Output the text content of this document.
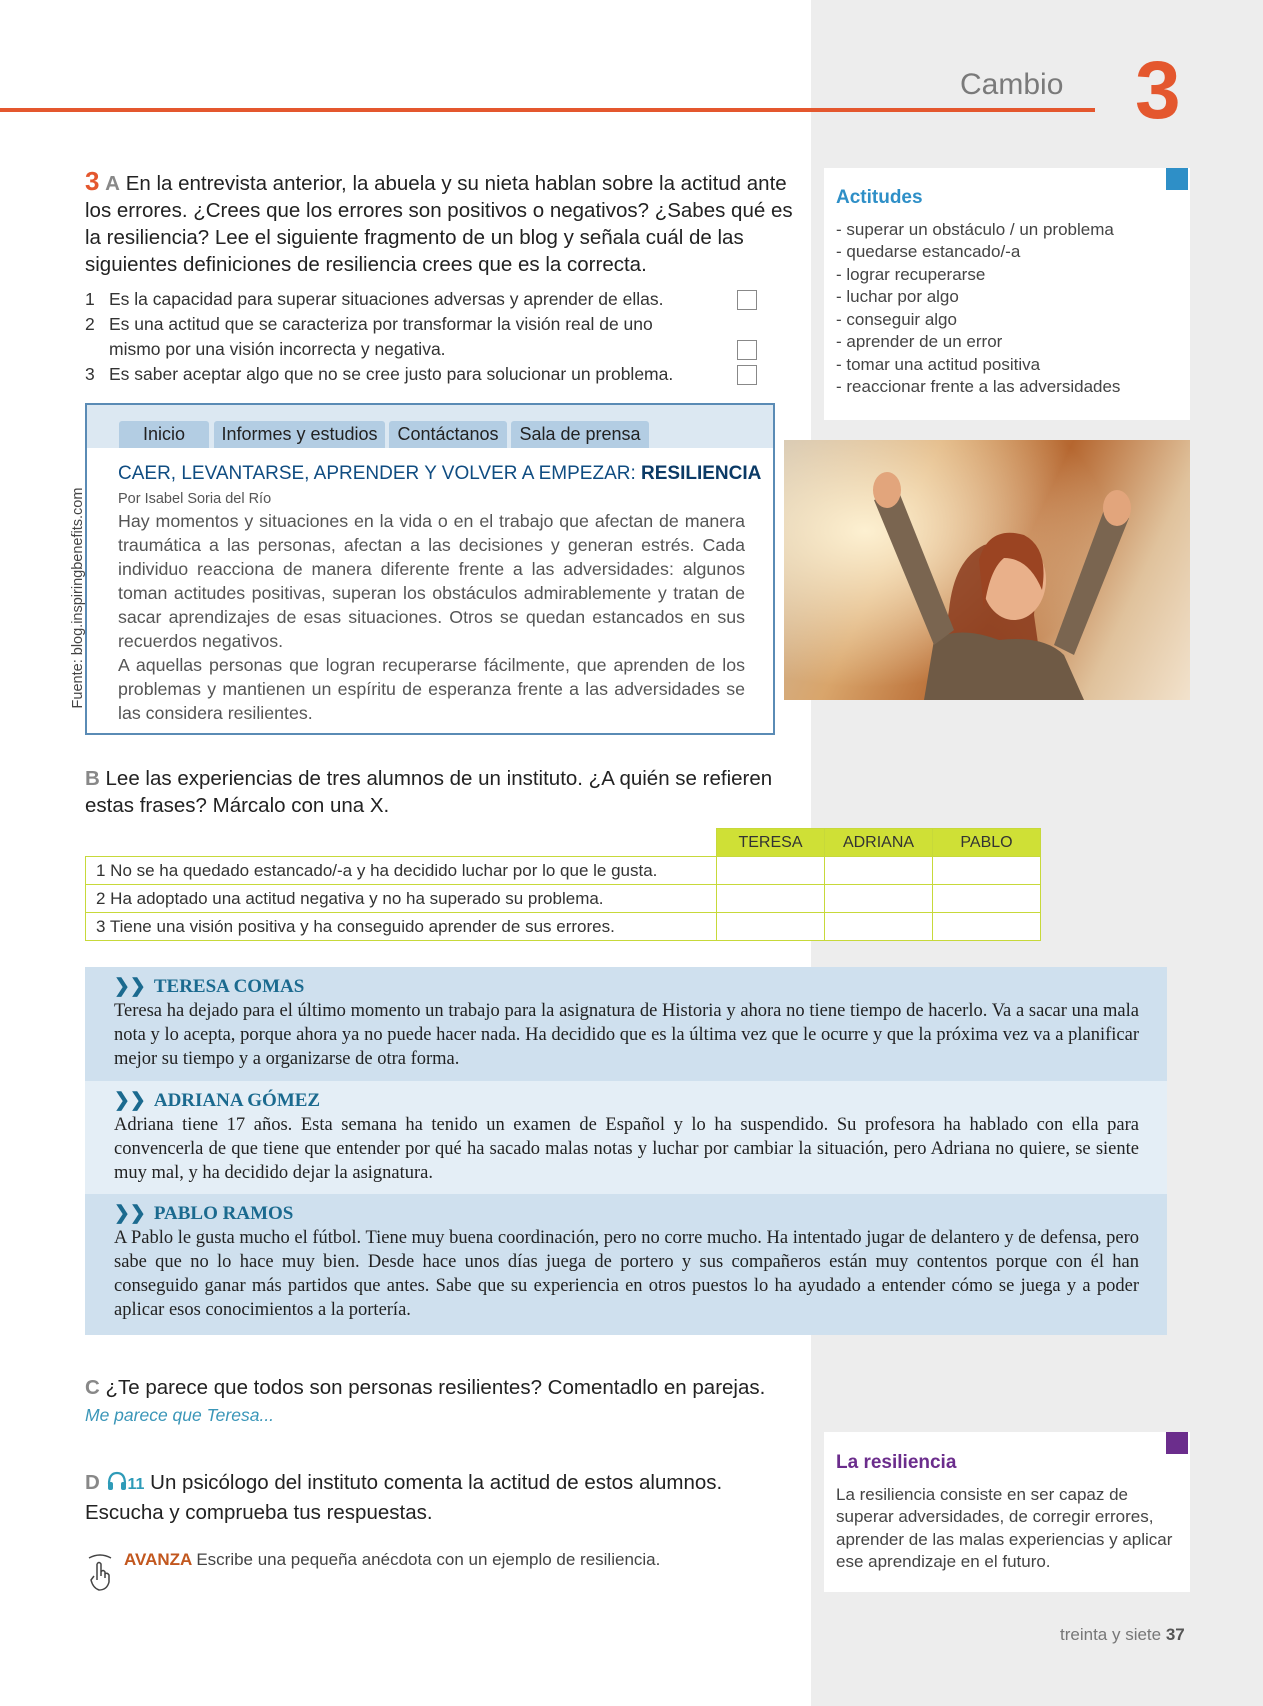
Cambio 3
3 A En la entrevista anterior, la abuela y su nieta hablan sobre la actitud ante los errores. ¿Crees que los errores son positivos o negativos? ¿Sabes qué es la resiliencia? Lee el siguiente fragmento de un blog y señala cuál de las siguientes definiciones de resiliencia crees que es la correcta.
1 Es la capacidad para superar situaciones adversas y aprender de ellas.
2 Es una actitud que se caracteriza por transformar la visión real de uno
mismo por una visión incorrecta y negativa.
3 Es saber aceptar algo que no se cree justo para solucionar un problema.
Inicio	Informes y estudios	Contáctanos	Sala de prensa
CAER, LEVANTARSE, APRENDER Y VOLVER A EMPEZAR: RESILIENCIA
Por Isabel Soria del Río

Hay momentos y situaciones en la vida o en el trabajo que afectan de manera traumática a las personas, afectan a las decisiones y generan estrés. Cada individuo reacciona de manera diferente frente a las adversidades: algunos toman actitudes positivas, superan los obstáculos admirablemente y tratan de sacar aprendizajes de esas situaciones. Otros se quedan estancados en sus recuerdos negativos.

A aquellas personas que logran recuperarse fácilmente, que aprenden de los problemas y mantienen un espíritu de esperanza frente a las adversidades se las considera resilientes.

Fuente: blog.inspiringbenefits.com
Actitudes
- superar un obstáculo / un problema
- quedarse estancado/-a
- lograr recuperarse
- luchar por algo
- conseguir algo
- aprender de un error
- tomar una actitud positiva
- reaccionar frente a las adversidades
B Lee las experiencias de tres alumnos de un instituto. ¿A quién se refieren
estas frases? Márcalo con una X.
	TERESA	ADRIANA	PABLO
1 No se ha quedado estancado/-a y ha decidido luchar por lo que le gusta.			
2 Ha adoptado una actitud negativa y no ha superado su problema.			
3 Tiene una visión positiva y ha conseguido aprender de sus errores.			
❯❯ TERESA COMAS
Teresa ha dejado para el último momento un trabajo para la asignatura de Historia y ahora no tiene tiempo de hacerlo. Va a sacar una mala nota y lo acepta, porque ahora ya no puede hacer nada. Ha decidido que es la última vez que le ocurre y que la próxima vez va a planificar mejor su tiempo y a organizarse de otra forma.
❯❯ ADRIANA GÓMEZ
Adriana tiene 17 años. Esta semana ha tenido un examen de Español y lo ha suspendido. Su profesora ha hablado con ella para convencerla de que tiene que entender por qué ha sacado malas notas y luchar por cambiar la situación, pero Adriana no quiere, se siente muy mal, y ha decidido dejar la asignatura.
❯❯ PABLO RAMOS
A Pablo le gusta mucho el fútbol. Tiene muy buena coordinación, pero no corre mucho. Ha intentado jugar de delantero y de defensa, pero sabe que no lo hace muy bien. Desde hace unos días juega de portero y sus compañeros están muy contentos porque con él han conseguido ganar más partidos que antes. Sabe que su experiencia en otros puestos lo ha ayudado a entender cómo se juega y a poder aplicar esos conocimientos a la portería.
C ¿Te parece que todos son personas resilientes? Comentadlo en parejas.
Me parece que Teresa...
D 11 Un psicólogo del instituto comenta la actitud de estos alumnos.
Escucha y comprueba tus respuestas.
La resiliencia
La resiliencia consiste en ser capaz de
superar adversidades, de corregir errores,
aprender de las malas experiencias y aplicar
ese aprendizaje en el futuro.
AVANZA Escribe una pequeña anécdota con un ejemplo de resiliencia.
treinta y siete 37
